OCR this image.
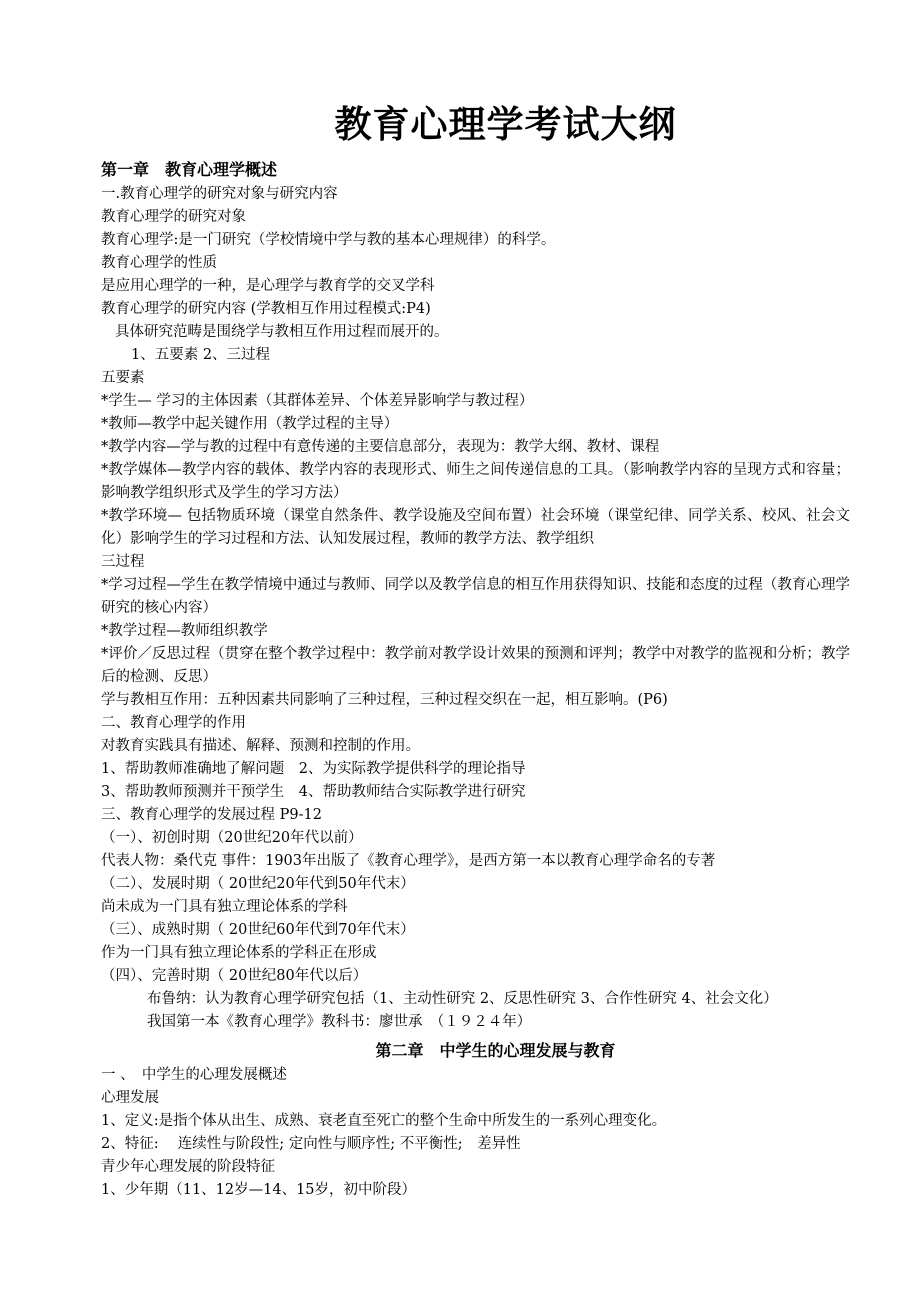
教育心理学考试大纲
第一章　教育心理学概述
一.教育心理学的研究对象与研究内容
教育心理学的研究对象
教育心理学:是一门研究（学校情境中学与教的基本心理规律）的科学。
教育心理学的性质
是应用心理学的一种，是心理学与教育学的交叉学科
教育心理学的研究内容 (学教相互作用过程模式:P4)
具体研究范畴是围绕学与教相互作用过程而展开的。
1、五要素 2、三过程
五要素
*学生— 学习的主体因素（其群体差异、个体差异影响学与教过程）
*教师—教学中起关键作用（教学过程的主导）
*教学内容—学与教的过程中有意传递的主要信息部分，表现为：教学大纲、教材、课程
*教学媒体—教学内容的载体、教学内容的表现形式、师生之间传递信息的工具。（影响教学内容的呈现方式和容量；影响教学组织形式及学生的学习方法）
*教学环境— 包括物质环境（课堂自然条件、教学设施及空间布置）社会环境（课堂纪律、同学关系、校风、社会文化）影响学生的学习过程和方法、认知发展过程，教师的教学方法、教学组织
三过程
*学习过程—学生在教学情境中通过与教师、同学以及教学信息的相互作用获得知识、技能和态度的过程（教育心理学研究的核心内容）
*教学过程—教师组织教学
*评价／反思过程（贯穿在整个教学过程中：教学前对教学设计效果的预测和评判；教学中对教学的监视和分析；教学后的检测、反思）
学与教相互作用：五种因素共同影响了三种过程，三种过程交织在一起，相互影响。(P6)
二、教育心理学的作用
对教育实践具有描述、解释、预测和控制的作用。
1、帮助教师准确地了解问题　2、为实际教学提供科学的理论指导
3、帮助教师预测并干预学生　4、帮助教师结合实际教学进行研究
三、教育心理学的发展过程 P9-12
（一）、初创时期（20世纪20年代以前）
代表人物：桑代克 事件：1903年出版了《教育心理学》，是西方第一本以教育心理学命名的专著
（二）、发展时期（ 20世纪20年代到50年代末）
尚未成为一门具有独立理论体系的学科
（三）、成熟时期（ 20世纪60年代到70年代末）
作为一门具有独立理论体系的学科正在形成
（四）、完善时期（ 20世纪80年代以后）
布鲁纳：认为教育心理学研究包括（1、主动性研究 2、反思性研究 3、合作性研究 4、社会文化）
我国第一本《教育心理学》教科书：廖世承　（１９２４年）
第二章　中学生的心理发展与教育
一 、　中学生的心理发展概述
心理发展
1、定义:是指个体从出生、成熟、衰老直至死亡的整个生命中所发生的一系列心理变化。
2、特征:　 连续性与阶段性; 定向性与顺序性; 不平衡性;　差异性
青少年心理发展的阶段特征
1、少年期（11、12岁—14、15岁，初中阶段）
